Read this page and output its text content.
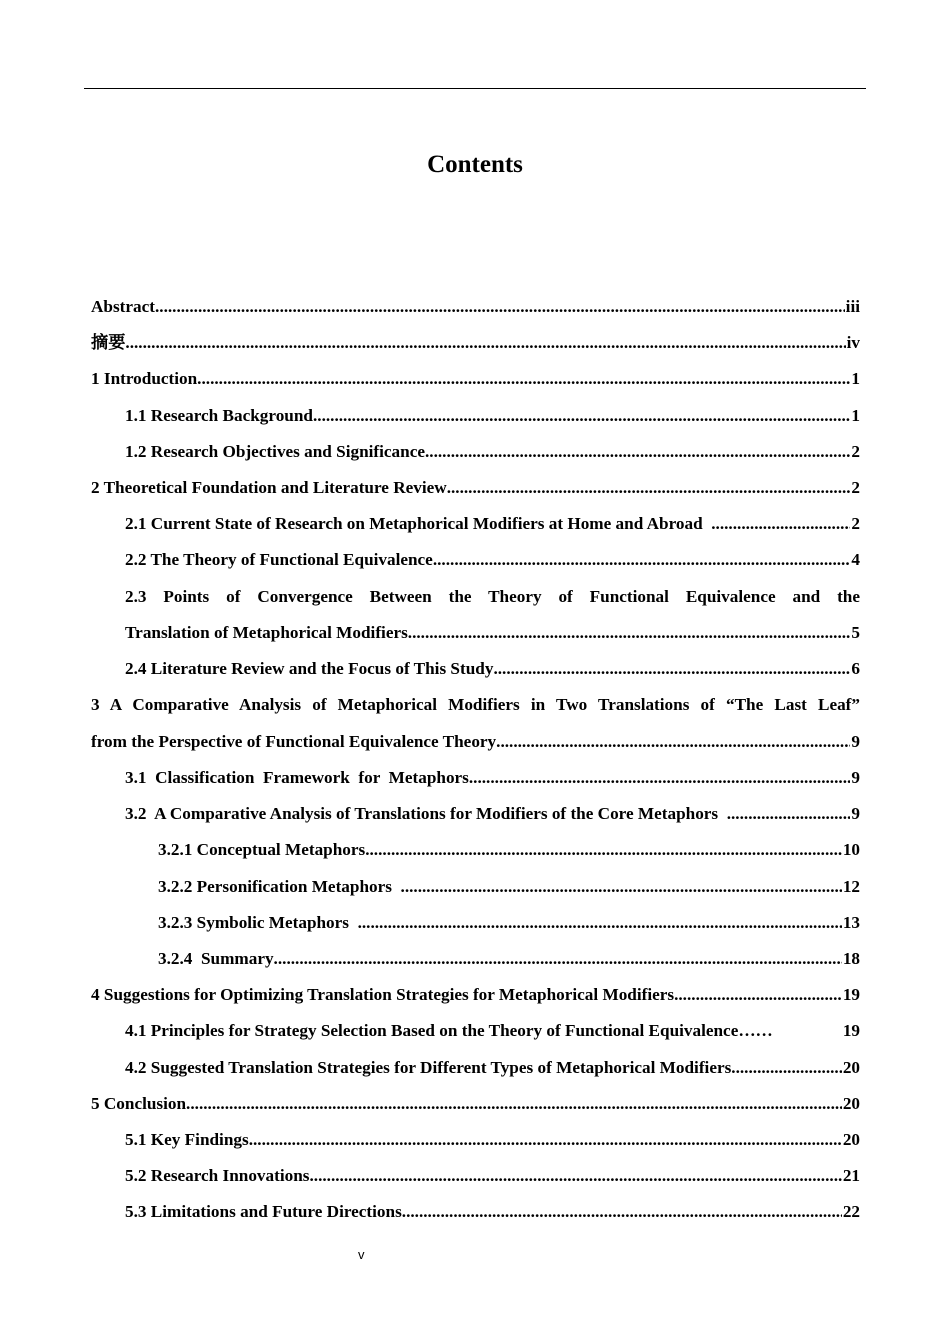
Contents
Abstract .....	iii
摘要 .....	iv
1 Introduction .....	1
1.1 Research Background .....	1
1.2 Research Objectives and Significance .....	2
2 Theoretical Foundation and Literature Review .....	2
2.1 Current State of Research on Metaphorical Modifiers at Home and Abroad .....	2
2.2 The Theory of Functional Equivalence .....	4
2.3 Points of Convergence Between the Theory of Functional Equivalence and the
Translation of Metaphorical Modifiers .....	5
2.4 Literature Review and the Focus of This Study .....	6
3 A Comparative Analysis of Metaphorical Modifiers in Two Translations of “The Last Leaf”
from the Perspective of Functional Equivalence Theory .....	9
3.1  Classification  Framework  for  Metaphors .....	9
3.2  A Comparative Analysis of Translations for Modifiers of the Core Metaphors .....	9
3.2.1 Conceptual Metaphors .....	10
3.2.2 Personification Metaphors .....	12
3.2.3 Symbolic Metaphors .....	13
3.2.4  Summary .....	18
4 Suggestions for Optimizing Translation Strategies for Metaphorical Modifiers .....	19
4.1 Principles for Strategy Selection Based on the Theory of Functional Equivalence……	19
4.2 Suggested Translation Strategies for Different Types of Metaphorical Modifiers .....	20
5 Conclusion .....	20
5.1 Key Findings .....	20
5.2 Research Innovations .....	21
5.3 Limitations and Future Directions .....	22
v
